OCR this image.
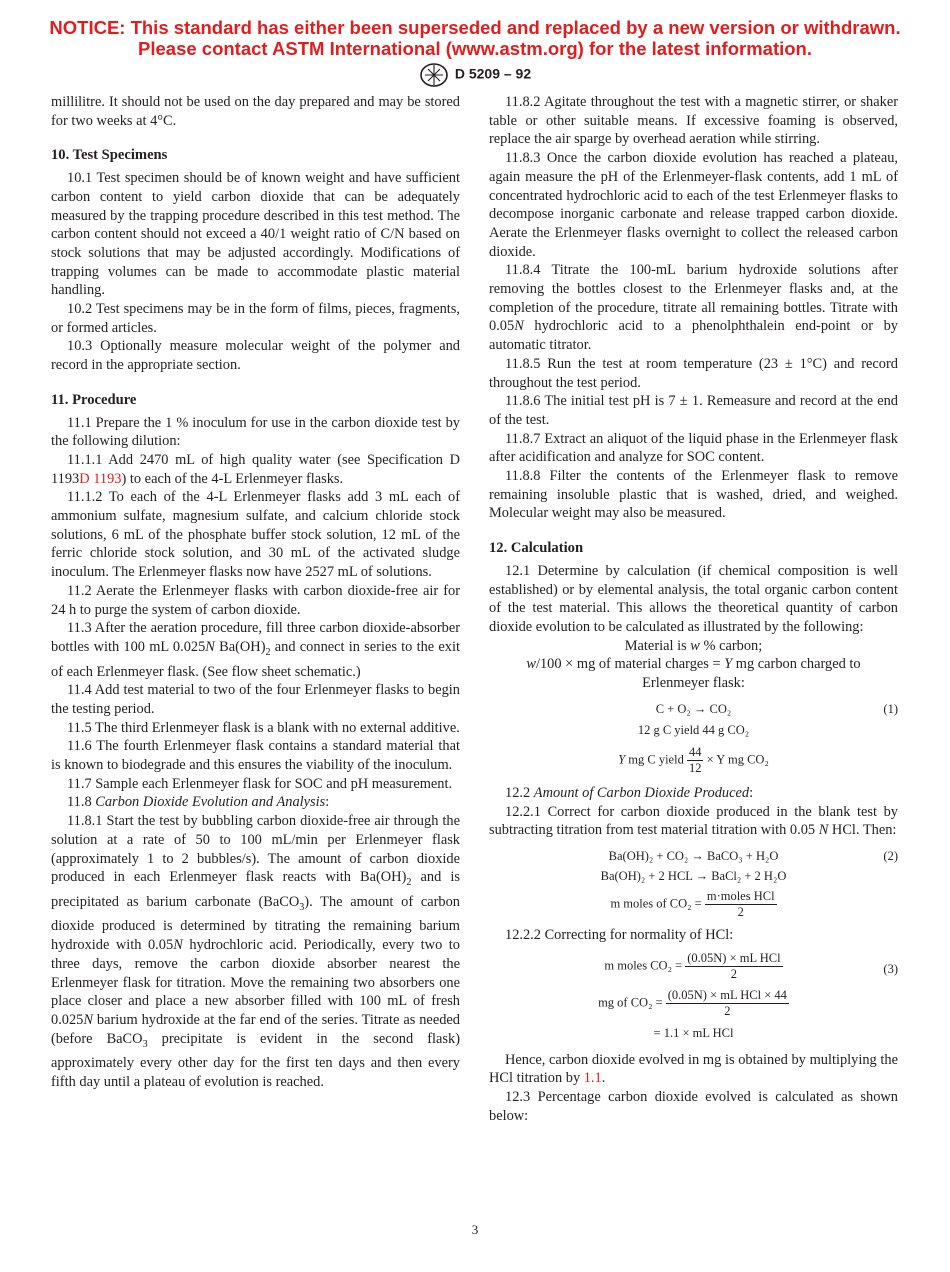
NOTICE: This standard has either been superseded and replaced by a new version or withdrawn.
Please contact ASTM International (www.astm.org) for the latest information.
D 5209 – 92

millilitre. It should not be used on the day prepared and may be stored for two weeks at 4°C.

10. Test Specimens

10.1 Test specimen should be of known weight and have sufficient carbon content to yield carbon dioxide that can be adequately measured by the trapping procedure described in this test method. The carbon content should not exceed a 40/1 weight ratio of C/N based on stock solutions that may be adjusted accordingly. Modifications of trapping volumes can be made to accommodate plastic material handling.

10.2 Test specimens may be in the form of films, pieces, fragments, or formed articles.

10.3 Optionally measure molecular weight of the polymer and record in the appropriate section.

11. Procedure

11.1 Prepare the 1 % inoculum for use in the carbon dioxide test by the following dilution:

11.1.1 Add 2470 mL of high quality water (see Specification D 1193D 1193) to each of the 4-L Erlenmeyer flasks.

11.1.2 To each of the 4-L Erlenmeyer flasks add 3 mL each of ammonium sulfate, magnesium sulfate, and calcium chloride stock solutions, 6 mL of the phosphate buffer stock solution, 12 mL of the ferric chloride stock solution, and 30 mL of the activated sludge inoculum. The Erlenmeyer flasks now have 2527 mL of solutions.

11.2 Aerate the Erlenmeyer flasks with carbon dioxide-free air for 24 h to purge the system of carbon dioxide.

11.3 After the aeration procedure, fill three carbon dioxide-absorber bottles with 100 mL 0.025N $Ba(OH)_2$ and connect in series to the exit of each Erlenmeyer flask. (See flow sheet schematic.)

11.4 Add test material to two of the four Erlenmeyer flasks to begin the testing period.

11.5 The third Erlenmeyer flask is a blank with no external additive.

11.6 The fourth Erlenmeyer flask contains a standard material that is known to biodegrade and this ensures the viability of the inoculum.

11.7 Sample each Erlenmeyer flask for SOC and pH measurement.

11.8 Carbon Dioxide Evolution and Analysis:

11.8.1 Start the test by bubbling carbon dioxide-free air through the solution at a rate of 50 to 100 mL/min per Erlenmeyer flask (approximately 1 to 2 bubbles/s). The amount of carbon dioxide produced in each Erlenmeyer flask reacts with $Ba(OH)_2$ and is precipitated as barium carbonate (BaCO$_3$). The amount of carbon dioxide produced is determined by titrating the remaining barium hydroxide with 0.05N hydrochloric acid. Periodically, every two to three days, remove the carbon dioxide absorber nearest the Erlenmeyer flask for titration. Move the remaining two absorbers one place closer and place a new absorber filled with 100 mL of fresh 0.025N barium hydroxide at the far end of the series. Titrate as needed (before BaCO$_3$ precipitate is evident in the second flask) approximately every other day for the first ten days and then every fifth day until a plateau of evolution is reached.

11.8.2 Agitate throughout the test with a magnetic stirrer, or shaker table or other suitable means. If excessive foaming is observed, replace the air sparge by overhead aeration while stirring.

11.8.3 Once the carbon dioxide evolution has reached a plateau, again measure the pH of the Erlenmeyer-flask contents, add 1 mL of concentrated hydrochloric acid to each of the test Erlenmeyer flasks to decompose inorganic carbonate and release trapped carbon dioxide. Aerate the Erlenmeyer flasks overnight to collect the released carbon dioxide.

11.8.4 Titrate the 100-mL barium hydroxide solutions after removing the bottles closest to the Erlenmeyer flasks and, at the completion of the procedure, titrate all remaining bottles. Titrate with 0.05N hydrochloric acid to a phenolphthalein end-point or by automatic titrator.

11.8.5 Run the test at room temperature (23 ± 1°C) and record throughout the test period.

11.8.6 The initial test pH is 7 ± 1. Remeasure and record at the end of the test.

11.8.7 Extract an aliquot of the liquid phase in the Erlenmeyer flask after acidification and analyze for SOC content.

11.8.8 Filter the contents of the Erlenmeyer flask to remove remaining insoluble plastic that is washed, dried, and weighed. Molecular weight may also be measured.

12. Calculation

12.1 Determine by calculation (if chemical composition is well established) or by elemental analysis, the total organic carbon content of the test material. This allows the theoretical quantity of carbon dioxide evolution to be calculated as illustrated by the following:

Material is w % carbon;

w/100 × mg of material charges = Y mg carbon charged to

Erlenmeyer flask:

C + O₂ → CO₂	(1)
12 g C yield 44 g CO₂
Y mg C yield $\frac{44}{12} \times Y$ mg CO₂

12.2 Amount of Carbon Dioxide Produced:

12.2.1 Correct for carbon dioxide produced in the blank test by subtracting titration from test material titration with 0.05 N HCl. Then:

Ba(OH)₂ + CO₂ → BaCO₃ + H₂O	(2)
Ba(OH)₂ + 2 HCL → BaCl₂ + 2 H₂O
m moles of $CO_2 = \frac{\text{m·moles HCl}}{2}$

12.2.2 Correcting for normality of HCl:

m moles $CO_2 = \frac{\text{(0.05N) × mL HCl}}{2}$	(3)
mg of $CO_2 = \frac{\text{(0.05N) × mL HCl × 44}}{2}$
= 1.1 × mL HCl

Hence, carbon dioxide evolved in mg is obtained by multiplying the HCl titration by 1.1.

12.3 Percentage carbon dioxide evolved is calculated as shown below:

3
